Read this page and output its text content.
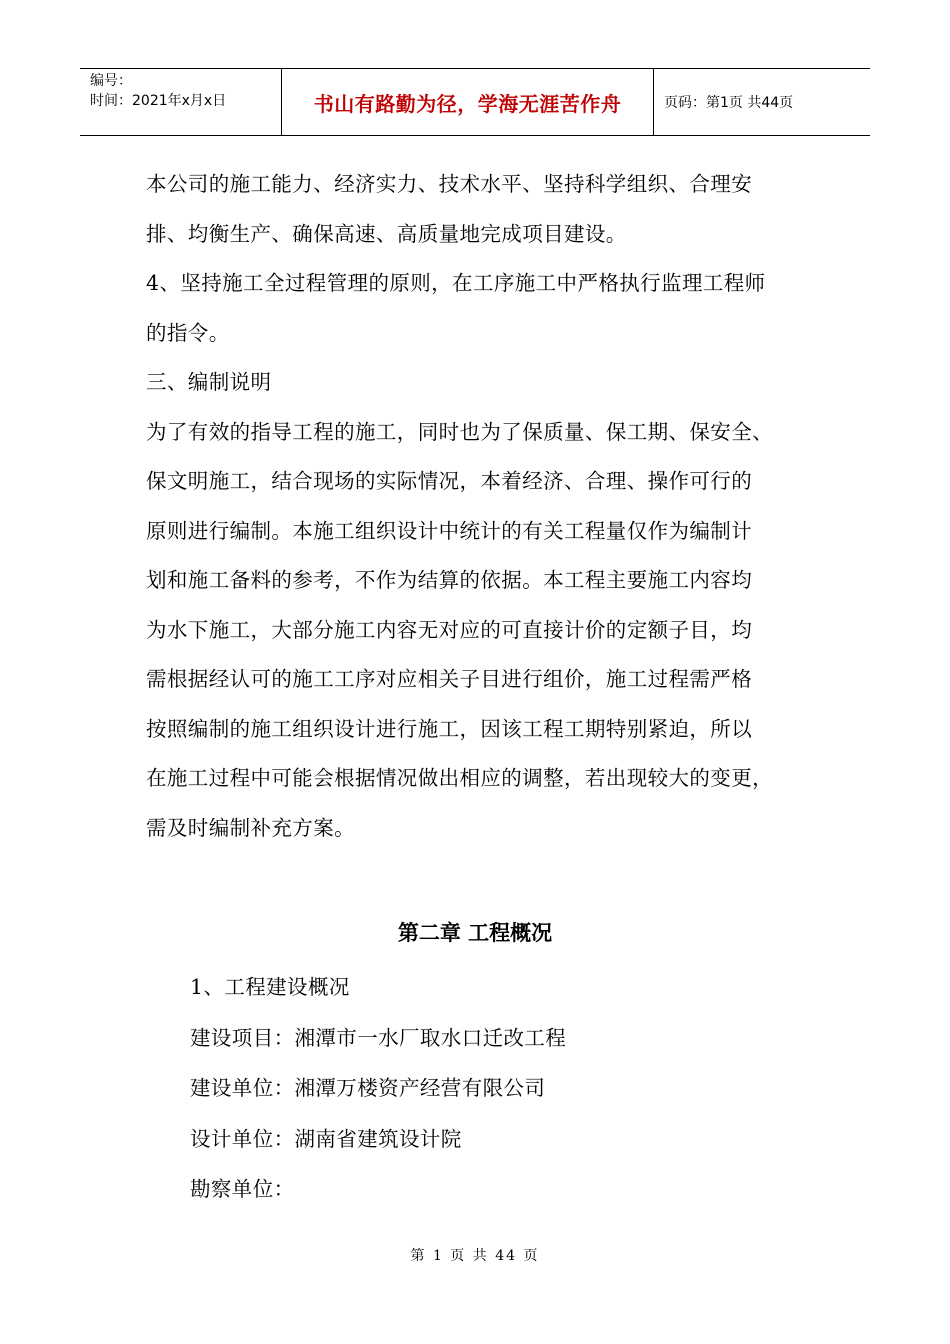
编号：
时间：2021年x月x日	书山有路勤为径，学海无涯苦作舟	页码：第1页 共44页

本公司的施工能力、经济实力、技术水平、坚持科学组织、合理安

排、均衡生产、确保高速、高质量地完成项目建设。

4、坚持施工全过程管理的原则，在工序施工中严格执行监理工程师

的指令。

三、编制说明

为了有效的指导工程的施工，同时也为了保质量、保工期、保安全、

保文明施工，结合现场的实际情况，本着经济、合理、操作可行的

原则进行编制。本施工组织设计中统计的有关工程量仅作为编制计

划和施工备料的参考，不作为结算的依据。本工程主要施工内容均

为水下施工，大部分施工内容无对应的可直接计价的定额子目，均

需根据经认可的施工工序对应相关子目进行组价，施工过程需严格

按照编制的施工组织设计进行施工，因该工程工期特别紧迫，所以

在施工过程中可能会根据情况做出相应的调整，若出现较大的变更，

需及时编制补充方案。

第二章 工程概况

1、工程建设概况

建设项目：湘潭市一水厂取水口迁改工程

建设单位：湘潭万楼资产经营有限公司

设计单位：湖南省建筑设计院

勘察单位：

第 1 页 共 44 页
